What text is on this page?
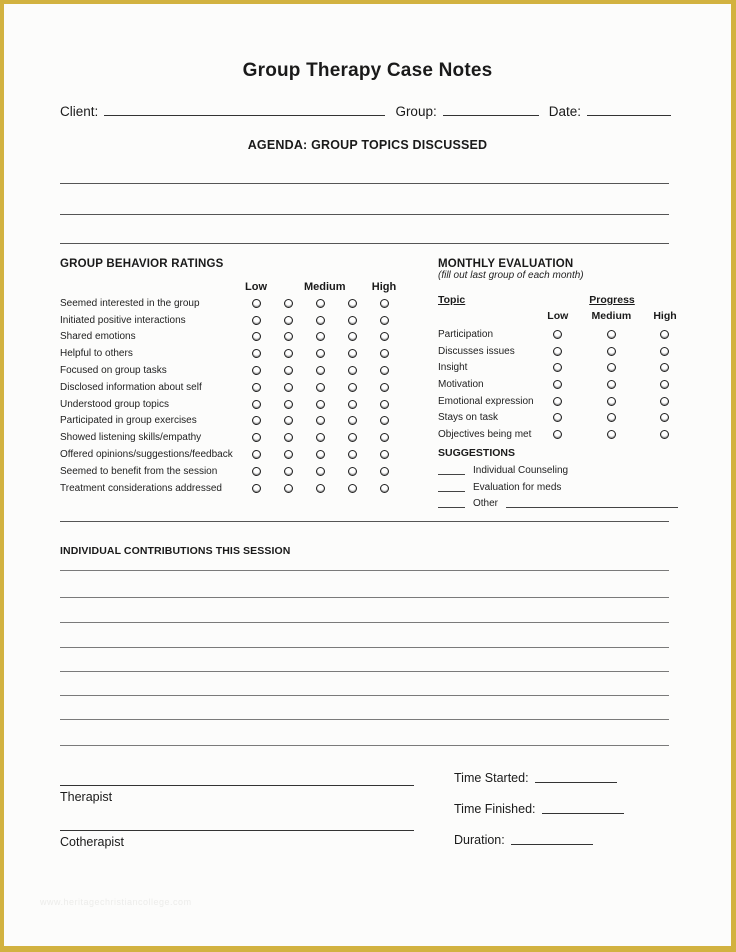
Group Therapy Case Notes
Client:	Group:	Date:
AGENDA: GROUP TOPICS DISCUSSED
GROUP BEHAVIOR RATINGS
Low	Medium	High
Seemed interested in the group
Initiated positive interactions
Shared emotions
Helpful to others
Focused on group tasks
Disclosed information about self
Understood group topics
Participated in group exercises
Showed listening skills/empathy
Offered opinions/suggestions/feedback
Seemed to benefit from the session
Treatment considerations addressed
MONTHLY EVALUATION
(fill out last group of each month)
Topic	Progress
Low	Medium	High
Participation
Discusses issues
Insight
Motivation
Emotional expression
Stays on task
Objectives being met
SUGGESTIONS
Individual Counseling
Evaluation for meds
Other
INDIVIDUAL CONTRIBUTIONS THIS SESSION
Therapist
Cotherapist
Time Started:
Time Finished:
Duration:
www.heritagechristiancollege.com
